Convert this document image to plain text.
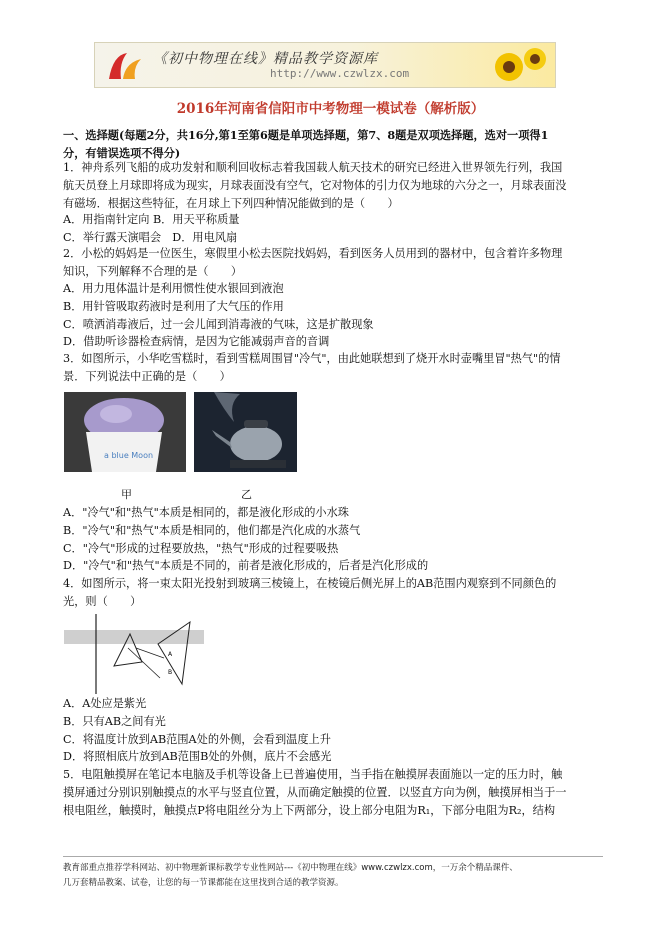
《初中物理在线》精品教学资源库
http://www.czwlzx.com
2016年河南省信阳市中考物理一模试卷（解析版）
一、选择题(每题2分，共16分,第1至第6题是单项选择题，第7、8题是双项选择题，选对一项得1
分，有错误选项不得分)
1．神舟系列飞船的成功发射和顺利回收标志着我国载人航天技术的研究已经进入世界领先行列，我国
航天员登上月球即将成为现实，月球表面没有空气，它对物体的引力仅为地球的六分之一，月球表面没
有磁场．根据这些特征，在月球上下列四种情况能做到的是（　　）
A．用指南针定向 B．用天平称质量
C．举行露天演唱会　D．用电风扇
2．小松的妈妈是一位医生，寒假里小松去医院找妈妈，看到医务人员用到的器材中，包含着许多物理
知识，下列解释不合理的是（　　）
A．用力甩体温计是利用惯性使水银回到液泡
B．用针管吸取药液时是利用了大气压的作用
C．喷洒消毒液后，过一会儿闻到消毒液的气味，这是扩散现象
D．借助听诊器检查病情，是因为它能减弱声音的音调
3．如图所示，小华吃雪糕时，看到雪糕周围冒"冷气"，由此她联想到了烧开水时壶嘴里冒"热气"的情
景．下列说法中正确的是（　　）
a blue Moon
甲	乙
A．"冷气"和"热气"本质是相同的，都是液化形成的小水珠
B．"冷气"和"热气"本质是相同的，他们都是汽化成的水蒸气
C．"冷气"形成的过程要放热，"热气"形成的过程要吸热
D．"冷气"和"热气"本质是不同的，前者是液化形成的，后者是汽化形成的
4．如图所示，将一束太阳光投射到玻璃三棱镜上，在棱镜后侧光屏上的AB范围内观察到不同颜色的
光，则（　　）
A
B
A．A处应是紫光
B．只有AB之间有光
C．将温度计放到AB范围A处的外侧，会看到温度上升
D．将照相底片放到AB范围B处的外侧，底片不会感光
5．电阻触摸屏在笔记本电脑及手机等设备上已普遍使用，当手指在触摸屏表面施以一定的压力时，触
摸屏通过分别识别触摸点的水平与竖直位置，从而确定触摸的位置．以竖直方向为例，触摸屏相当于一
根电阻丝，触摸时，触摸点P将电阻丝分为上下两部分，设上部分电阻为R₁，下部分电阻为R₂，结构
教育部重点推荐学科网站、初中物理新课标教学专业性网站---《初中物理在线》www.czwlzx.com，一万余个精品课件、
几万套精品教案、试卷，让您的每一节课都能在这里找到合适的教学资源。
